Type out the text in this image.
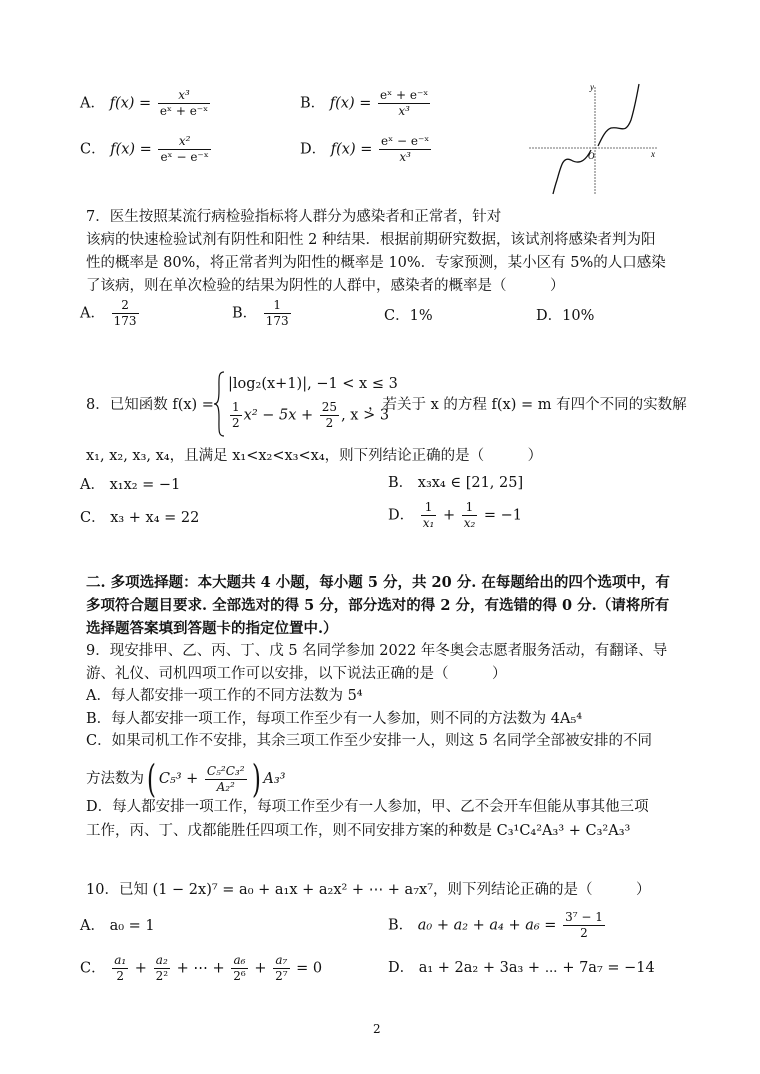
A． $f(x) = \frac{\text{x³}}{\text{eˣ + e⁻ˣ}}$	B． $f(x) = \frac{\text{eˣ + e⁻ˣ}}{\text{x³}}$
C． $f(x) = \frac{\text{x²}}{\text{eˣ − e⁻ˣ}}$	D． $f(x) = \frac{\text{eˣ − e⁻ˣ}}{\text{x³}}$
y
x
O
7．医生按照某流行病检验指标将人群分为感染者和正常者，针对
该病的快速检验试剂有阴性和阳性 2 种结果．根据前期研究数据，该试剂将感染者判为阳
性的概率是 80%，将正常者判为阳性的概率是 10%．专家预测，某小区有 5%的人口感染
了该病，则在单次检验的结果为阴性的人群中，感染者的概率是（　　　）
A． $\frac{2}{173}$	B． $\frac{1}{173}$	C．1%	D．10%
8．已知函数 f(x) =
|log₂(x+1)|, −1 < x ≤ 3
$\frac{1}{2} x^2 - 5x + \frac{25}{2}$ , x > 3
，若关于 x 的方程 f(x) = m 有四个不同的实数解
x₁, x₂, x₃, x₄，且满足 x₁<x₂<x₃<x₄，则下列结论正确的是（　　　）
A． x₁x₂ = −1	B． x₃x₄ ∈ [21, 25]
C． x₃ + x₄ = 22	D． $\frac{1}{\text{x₁}} + \frac{1}{\text{x₂}} = -1$
二. 多项选择题：本大题共 4 小题，每小题 5 分，共 20 分. 在每题给出的四个选项中，有
多项符合题目要求. 全部选对的得 5 分，部分选对的得 2 分，有选错的得 0 分.（请将所有
选择题答案填到答题卡的指定位置中.）
9．现安排甲、乙、丙、丁、戊 5 名同学参加 2022 年冬奥会志愿者服务活动，有翻译、导
游、礼仪、司机四项工作可以安排，以下说法正确的是（　　　）
A．每人都安排一项工作的不同方法数为 5⁴
B．每人都安排一项工作，每项工作至少有一人参加，则不同的方法数为 4A₅⁴
C．如果司机工作不安排，其余三项工作至少安排一人，则这 5 名同学全部被安排的不同
方法数为( $C_5^3 + \frac{\text{C₅²C₃²}}{\text{A₂²}}$ ) A₃³
D．每人都安排一项工作，每项工作至少有一人参加，甲、乙不会开车但能从事其他三项
工作，丙、丁、戊都能胜任四项工作，则不同安排方案的种数是 C₃¹C₄²A₃³ + C₃²A₃³
10．已知 (1 − 2x)⁷ = a₀ + a₁x + a₂x² + ⋯ + a₇x⁷，则下列结论正确的是（　　　）
A． a₀ = 1	B． $a_0 + a_2 + a_4 + a_6 = \frac{\text{3⁷ − 1}}{2}$
C． $\frac{\text{a₁}}{2} + \frac{\text{a₂}}{\text{2²}}$ + ⋯ + $\frac{\text{a₆}}{\text{2⁶}} + \frac{\text{a₇}}{\text{2⁷}} = 0$	D． a₁ + 2a₂ + 3a₃ + ⋯ + 7a₇ = −14
2
